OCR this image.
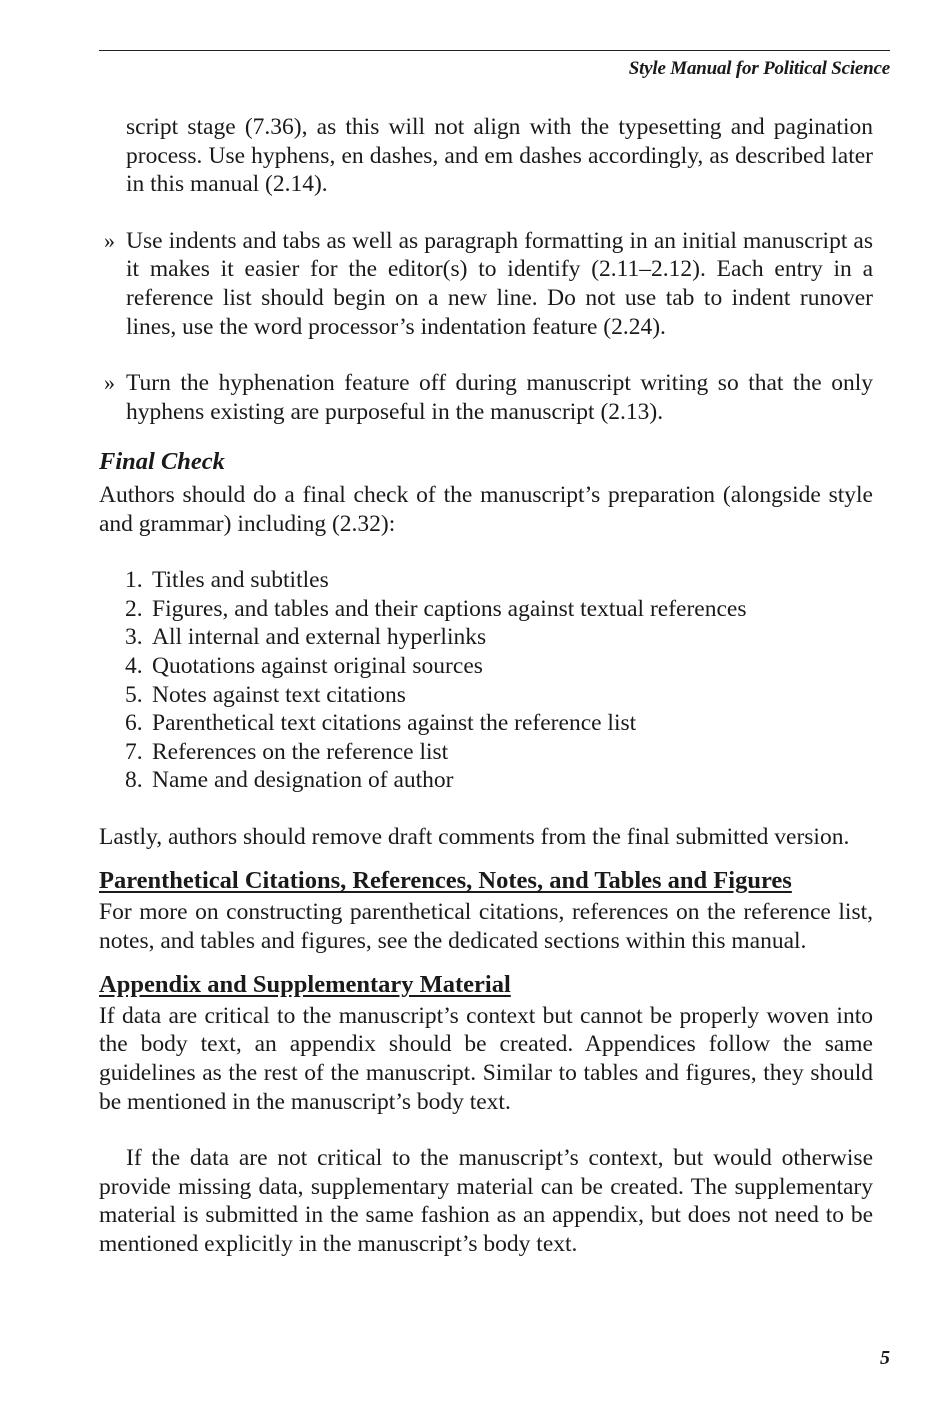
Style Manual for Political Science

script stage (7.36), as this will not align with the typesetting and pagination process. Use hyphens, en dashes, and em dashes accordingly, as described later in this manual (2.14).

» Use indents and tabs as well as paragraph formatting in an initial manuscript as it makes it easier for the editor(s) to identify (2.11–2.12). Each entry in a reference list should begin on a new line. Do not use tab to indent runover lines, use the word processor’s indentation feature (2.24).

» Turn the hyphenation feature off during manuscript writing so that the only hyphens existing are purposeful in the manuscript (2.13).

Final Check

Authors should do a final check of the manuscript’s preparation (alongside style and grammar) including (2.32):

1. Titles and subtitles
2. Figures, and tables and their captions against textual references
3. All internal and external hyperlinks
4. Quotations against original sources
5. Notes against text citations
6. Parenthetical text citations against the reference list
7. References on the reference list
8. Name and designation of author

Lastly, authors should remove draft comments from the final submitted version.

Parenthetical Citations, References, Notes, and Tables and Figures

For more on constructing parenthetical citations, references on the reference list, notes, and tables and figures, see the dedicated sections within this manual.

Appendix and Supplementary Material

If data are critical to the manuscript’s context but cannot be properly woven into the body text, an appendix should be created. Appendices follow the same guidelines as the rest of the manuscript. Similar to tables and figures, they should be mentioned in the manuscript’s body text.

If the data are not critical to the manuscript’s context, but would otherwise provide missing data, supplementary material can be created. The supplementary material is submitted in the same fashion as an appendix, but does not need to be mentioned explicitly in the manuscript’s body text.

5
